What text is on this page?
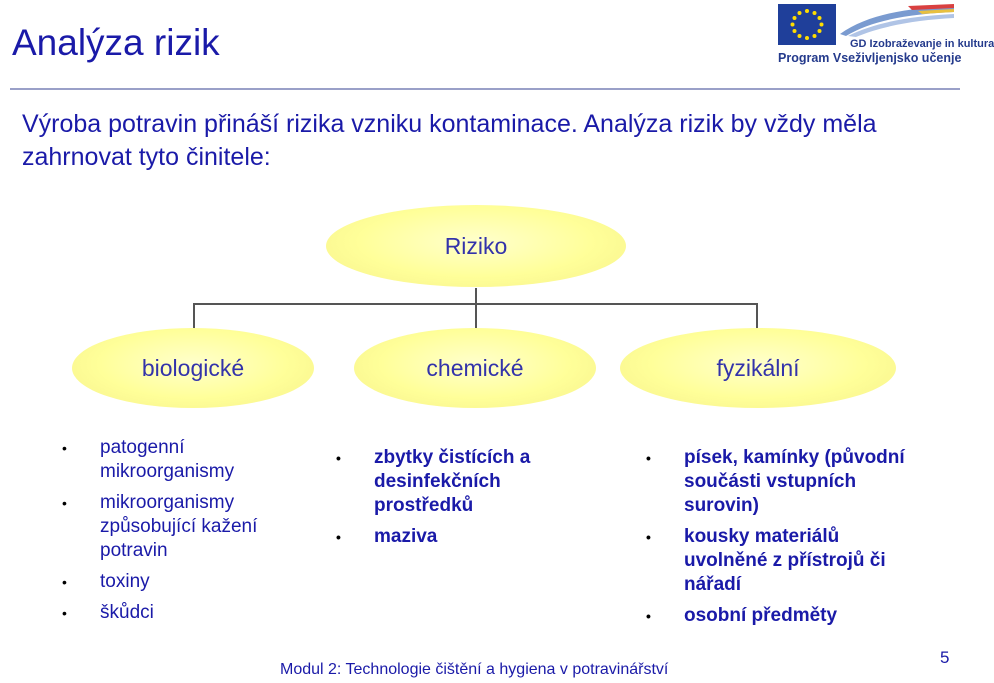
Analýza rizik	GD Izobraževanje in kultura
Program Vseživljenjsko učenje
Výroba potravin přináší rizika vzniku kontaminace. Analýza rizik by vždy měla zahrnovat tyto činitele:
Riziko
biologické	chemické	fyzikální
• patogenní mikroorganismy
• mikroorganismy způsobující kažení potravin
• toxiny
• škůdci
• zbytky čistících a desinfekčních prostředků
• maziva
• písek, kamínky (původní součásti vstupních surovin)
• kousky materiálů uvolněné z přístrojů či nářadí
• osobní předměty
Modul 2: Technologie čištění a hygiena v potravinářství
5
